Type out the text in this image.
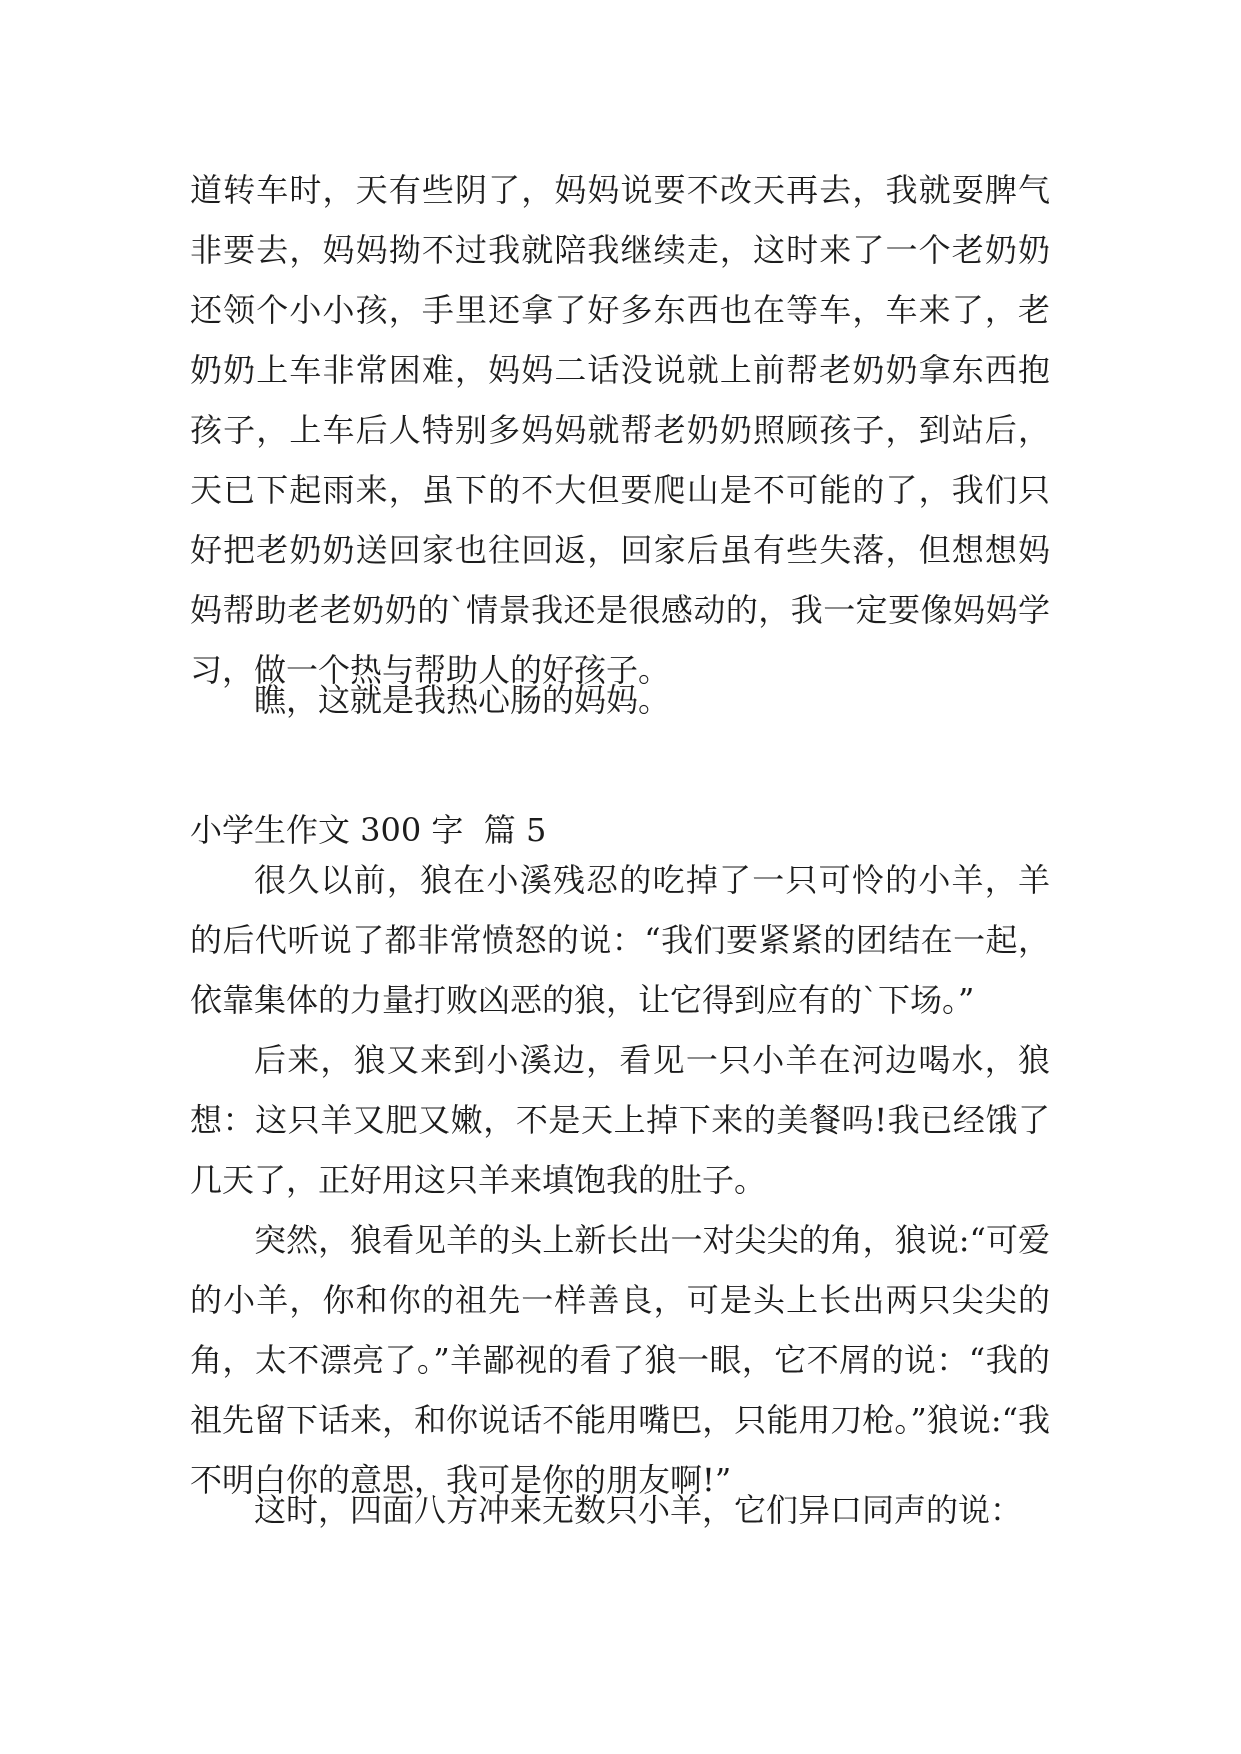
道转车时，天有些阴了，妈妈说要不改天再去，我就耍脾气非要去，妈妈拗不过我就陪我继续走，这时来了一个老奶奶还领个小小孩，手里还拿了好多东西也在等车，车来了，老奶奶上车非常困难，妈妈二话没说就上前帮老奶奶拿东西抱孩子，上车后人特别多妈妈就帮老奶奶照顾孩子，到站后，天已下起雨来，虽下的不大但要爬山是不可能的了，我们只好把老奶奶送回家也往回返，回家后虽有些失落，但想想妈妈帮助老老奶奶的`情景我还是很感动的，我一定要像妈妈学习，做一个热与帮助人的好孩子。

瞧，这就是我热心肠的妈妈。

小学生作文 300 字  篇 5

很久以前，狼在小溪残忍的吃掉了一只可怜的小羊，羊的后代听说了都非常愤怒的说：“我们要紧紧的团结在一起，依靠集体的力量打败凶恶的狼，让它得到应有的`下场。”

后来，狼又来到小溪边，看见一只小羊在河边喝水，狼想：这只羊又肥又嫩，不是天上掉下来的美餐吗!我已经饿了几天了，正好用这只羊来填饱我的肚子。

突然，狼看见羊的头上新长出一对尖尖的角，狼说:“可爱的小羊，你和你的祖先一样善良，可是头上长出两只尖尖的角，太不漂亮了。”羊鄙视的看了狼一眼，它不屑的说：“我的祖先留下话来，和你说话不能用嘴巴，只能用刀枪。”狼说:“我不明白你的意思，我可是你的朋友啊!”

这时，四面八方冲来无数只小羊，它们异口同声的说：
